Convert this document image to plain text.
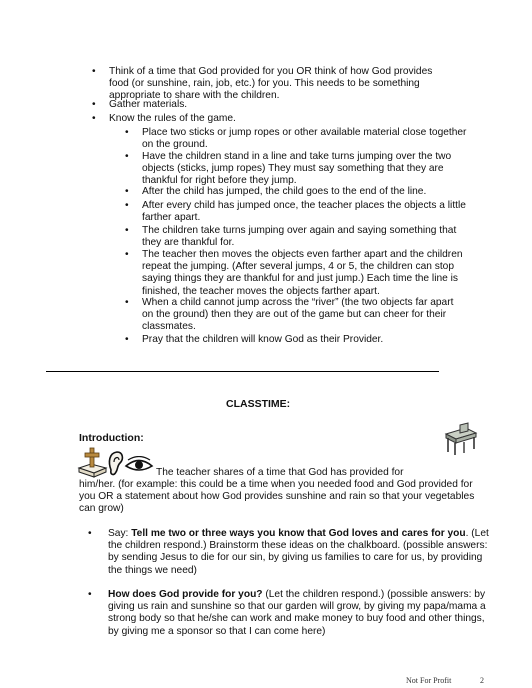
• Think of a time that God provided for you OR think of how God provides food (or sunshine, rain, job, etc.) for you. This needs to be something appropriate to share with the children.
• Gather materials.
• Know the rules of the game.
• Place two sticks or jump ropes or other available material close together on the ground.
• Have the children stand in a line and take turns jumping over the two objects (sticks, jump ropes) They must say something that they are thankful for right before they jump.
• After the child has jumped, the child goes to the end of the line.
• After every child has jumped once, the teacher places the objects a little farther apart.
• The children take turns jumping over again and saying something that they are thankful for.
• The teacher then moves the objects even farther apart and the children repeat the jumping. (After several jumps, 4 or 5, the children can stop saying things they are thankful for and just jump.) Each time the line is finished, the teacher moves the objects farther apart.
• When a child cannot jump across the “river” (the two objects far apart on the ground) then they are out of the game but can cheer for their classmates.
• Pray that the children will know God as their Provider.
CLASSTIME:
Introduction:
The teacher shares of a time that God has provided for
him/her. (for example: this could be a time when you needed food and God provided for you OR a statement about how God provides sunshine and rain so that your vegetables can grow)
• Say: Tell me two or three ways you know that God loves and cares for you. (Let the children respond.) Brainstorm these ideas on the chalkboard. (possible answers: by sending Jesus to die for our sin, by giving us families to care for us, by providing the things we need)
• How does God provide for you? (Let the children respond.) (possible answers: by giving us rain and sunshine so that our garden will grow, by giving my papa/mama a strong body so that he/she can work and make money to buy food and other things, by giving me a sponsor so that I can come here)
Not For Profit	2
